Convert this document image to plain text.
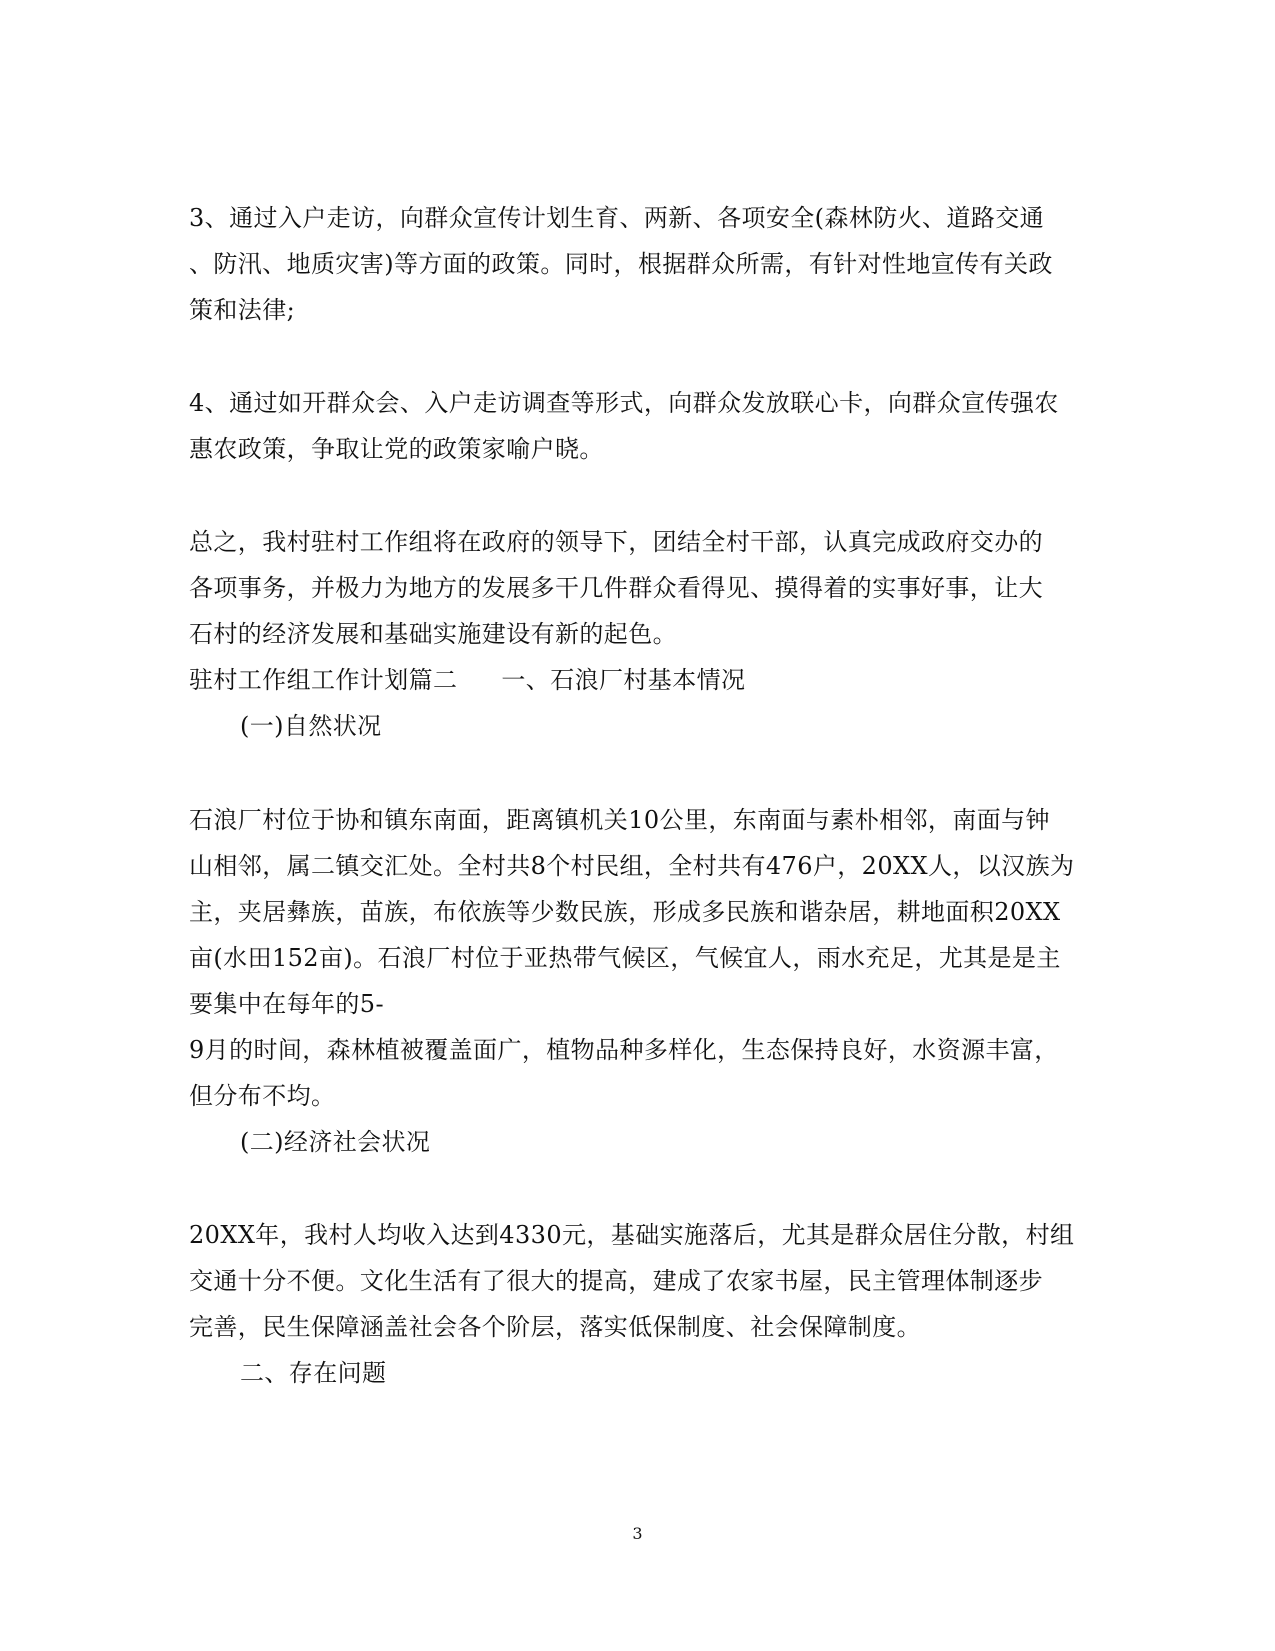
3、通过入户走访，向群众宣传计划生育、两新、各项安全(森林防火、道路交通
、防汛、地质灾害)等方面的政策。同时，根据群众所需，有针对性地宣传有关政
策和法律;
4、通过如开群众会、入户走访调查等形式，向群众发放联心卡，向群众宣传强农
惠农政策，争取让党的政策家喻户晓。
总之，我村驻村工作组将在政府的领导下，团结全村干部，认真完成政府交办的
各项事务，并极力为地方的发展多干几件群众看得见、摸得着的实事好事，让大
石村的经济发展和基础实施建设有新的起色。
驻村工作组工作计划篇二 一、石浪厂村基本情况
(一)自然状况
石浪厂村位于协和镇东南面，距离镇机关10公里，东南面与素朴相邻，南面与钟
山相邻，属二镇交汇处。全村共8个村民组，全村共有476户，20XX人，以汉族为
主，夹居彝族，苗族，布依族等少数民族，形成多民族和谐杂居，耕地面积20XX
亩(水田152亩)。石浪厂村位于亚热带气候区，气候宜人，雨水充足，尤其是是主
要集中在每年的5-
9月的时间，森林植被覆盖面广，植物品种多样化，生态保持良好，水资源丰富，
但分布不均。
(二)经济社会状况
20XX年，我村人均收入达到4330元，基础实施落后，尤其是群众居住分散，村组
交通十分不便。文化生活有了很大的提高，建成了农家书屋，民主管理体制逐步
完善，民生保障涵盖社会各个阶层，落实低保制度、社会保障制度。
二、存在问题
3
